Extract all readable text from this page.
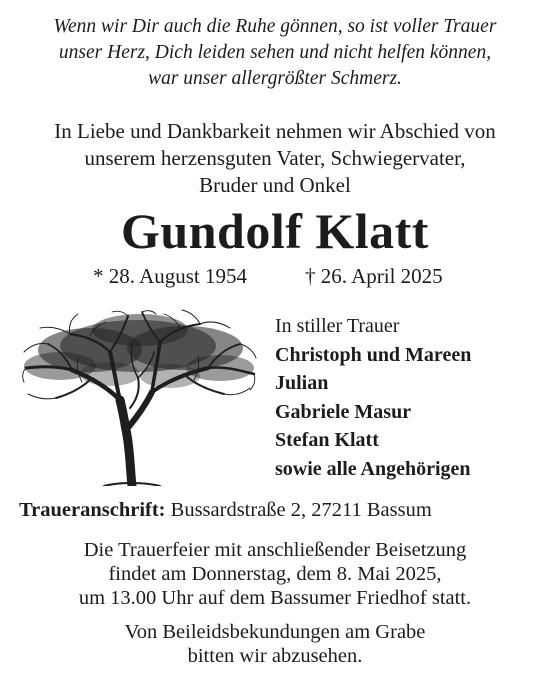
Wenn wir Dir auch die Ruhe gönnen, so ist voller Trauer
unser Herz, Dich leiden sehen und nicht helfen können,
war unser allergrößter Schmerz.
In Liebe und Dankbarkeit nehmen wir Abschied von
unserem herzensguten Vater, Schwiegervater,
Bruder und Onkel
Gundolf Klatt
* 28. August 1954	† 26. April 2025
In stiller Trauer
Christoph und Mareen
Julian
Gabriele Masur
Stefan Klatt
sowie alle Angehörigen
Traueranschrift: Bussardstraße 2, 27211 Bassum
Die Trauerfeier mit anschließender Beisetzung
findet am Donnerstag, dem 8. Mai 2025,
um 13.00 Uhr auf dem Bassumer Friedhof statt.
Von Beileidsbekundungen am Grabe
bitten wir abzusehen.
